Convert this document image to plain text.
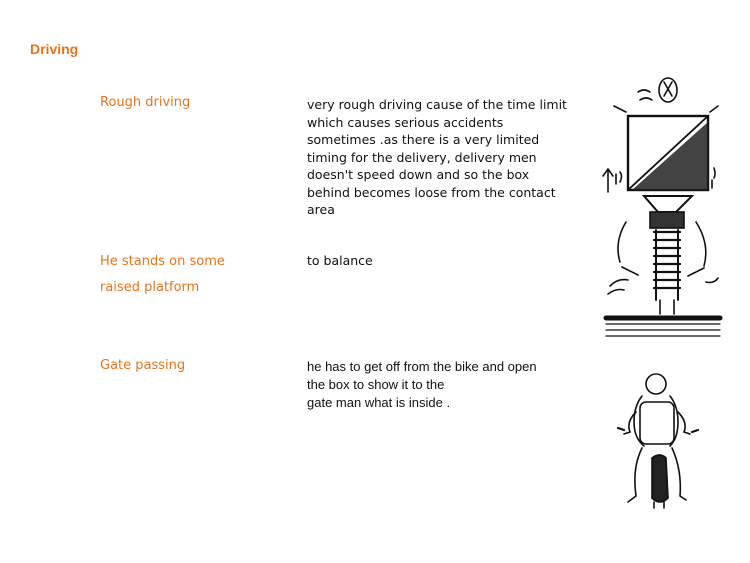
Driving
Rough driving	very rough driving cause of the time limit which causes serious accidents sometimes .as there is a very limited timing for the delivery, delivery men doesn't speed down and so the box behind becomes loose from the contact area
He stands on some
raised platform
to balance
Gate passing	he has to get off from the bike and open
the box to show it to the
gate man what is inside .
